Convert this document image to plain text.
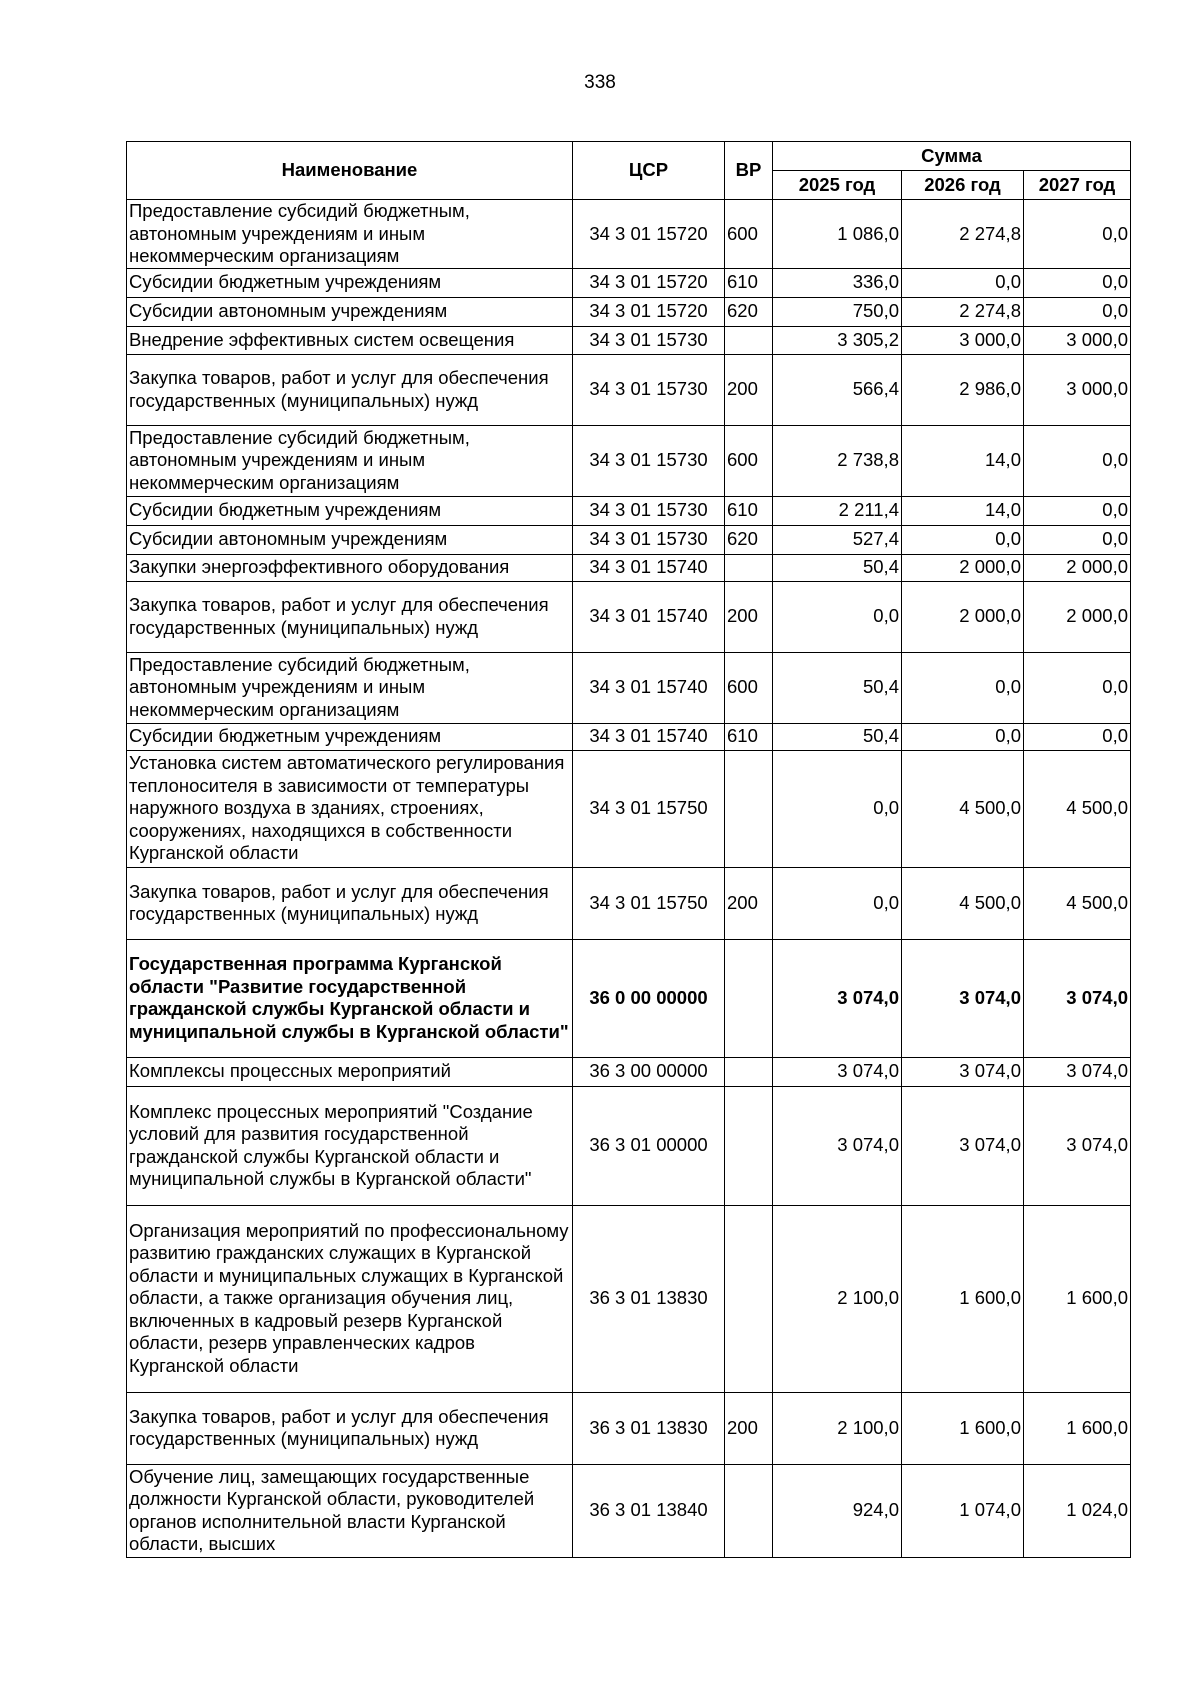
338
Наименование	ЦСР	ВР	Сумма		
			2025 год	2026 год	2027 год
Предоставление субсидий бюджетным, автономным учреждениям и иным некоммерческим организациям	34 3 01 15720	600	1 086,0	2 274,8	0,0
Субсидии бюджетным учреждениям	34 3 01 15720	610	336,0	0,0	0,0
Субсидии автономным учреждениям	34 3 01 15720	620	750,0	2 274,8	0,0
Внедрение эффективных систем освещения	34 3 01 15730		3 305,2	3 000,0	3 000,0
Закупка товаров, работ и услуг для обеспечения государственных (муниципальных) нужд	34 3 01 15730	200	566,4	2 986,0	3 000,0
Предоставление субсидий бюджетным, автономным учреждениям и иным некоммерческим организациям	34 3 01 15730	600	2 738,8	14,0	0,0
Субсидии бюджетным учреждениям	34 3 01 15730	610	2 211,4	14,0	0,0
Субсидии автономным учреждениям	34 3 01 15730	620	527,4	0,0	0,0
Закупки энергоэффективного оборудования	34 3 01 15740		50,4	2 000,0	2 000,0
Закупка товаров, работ и услуг для обеспечения государственных (муниципальных) нужд	34 3 01 15740	200	0,0	2 000,0	2 000,0
Предоставление субсидий бюджетным, автономным учреждениям и иным некоммерческим организациям	34 3 01 15740	600	50,4	0,0	0,0
Субсидии бюджетным учреждениям	34 3 01 15740	610	50,4	0,0	0,0
Установка систем автоматического регулирования теплоносителя в зависимости от температуры наружного воздуха в зданиях, строениях, сооружениях, находящихся в собственности Курганской области	34 3 01 15750		0,0	4 500,0	4 500,0
Закупка товаров, работ и услуг для обеспечения государственных (муниципальных) нужд	34 3 01 15750	200	0,0	4 500,0	4 500,0
Государственная программа Курганской области "Развитие государственной гражданской службы Курганской области и муниципальной службы в Курганской области"	36 0 00 00000		3 074,0	3 074,0	3 074,0
Комплексы процессных мероприятий	36 3 00 00000		3 074,0	3 074,0	3 074,0
Комплекс процессных мероприятий "Создание условий для развития государственной гражданской службы Курганской области и муниципальной службы в Курганской области"	36 3 01 00000		3 074,0	3 074,0	3 074,0
Организация мероприятий по профессиональному развитию гражданских служащих в Курганской области и муниципальных служащих в Курганской области, а также организация обучения лиц, включенных в кадровый резерв Курганской области, резерв управленческих кадров Курганской области	36 3 01 13830		2 100,0	1 600,0	1 600,0
Закупка товаров, работ и услуг для обеспечения государственных (муниципальных) нужд	36 3 01 13830	200	2 100,0	1 600,0	1 600,0
Обучение лиц, замещающих государственные должности Курганской области, руководителей органов исполнительной власти Курганской области, высших	36 3 01 13840		924,0	1 074,0	1 024,0
